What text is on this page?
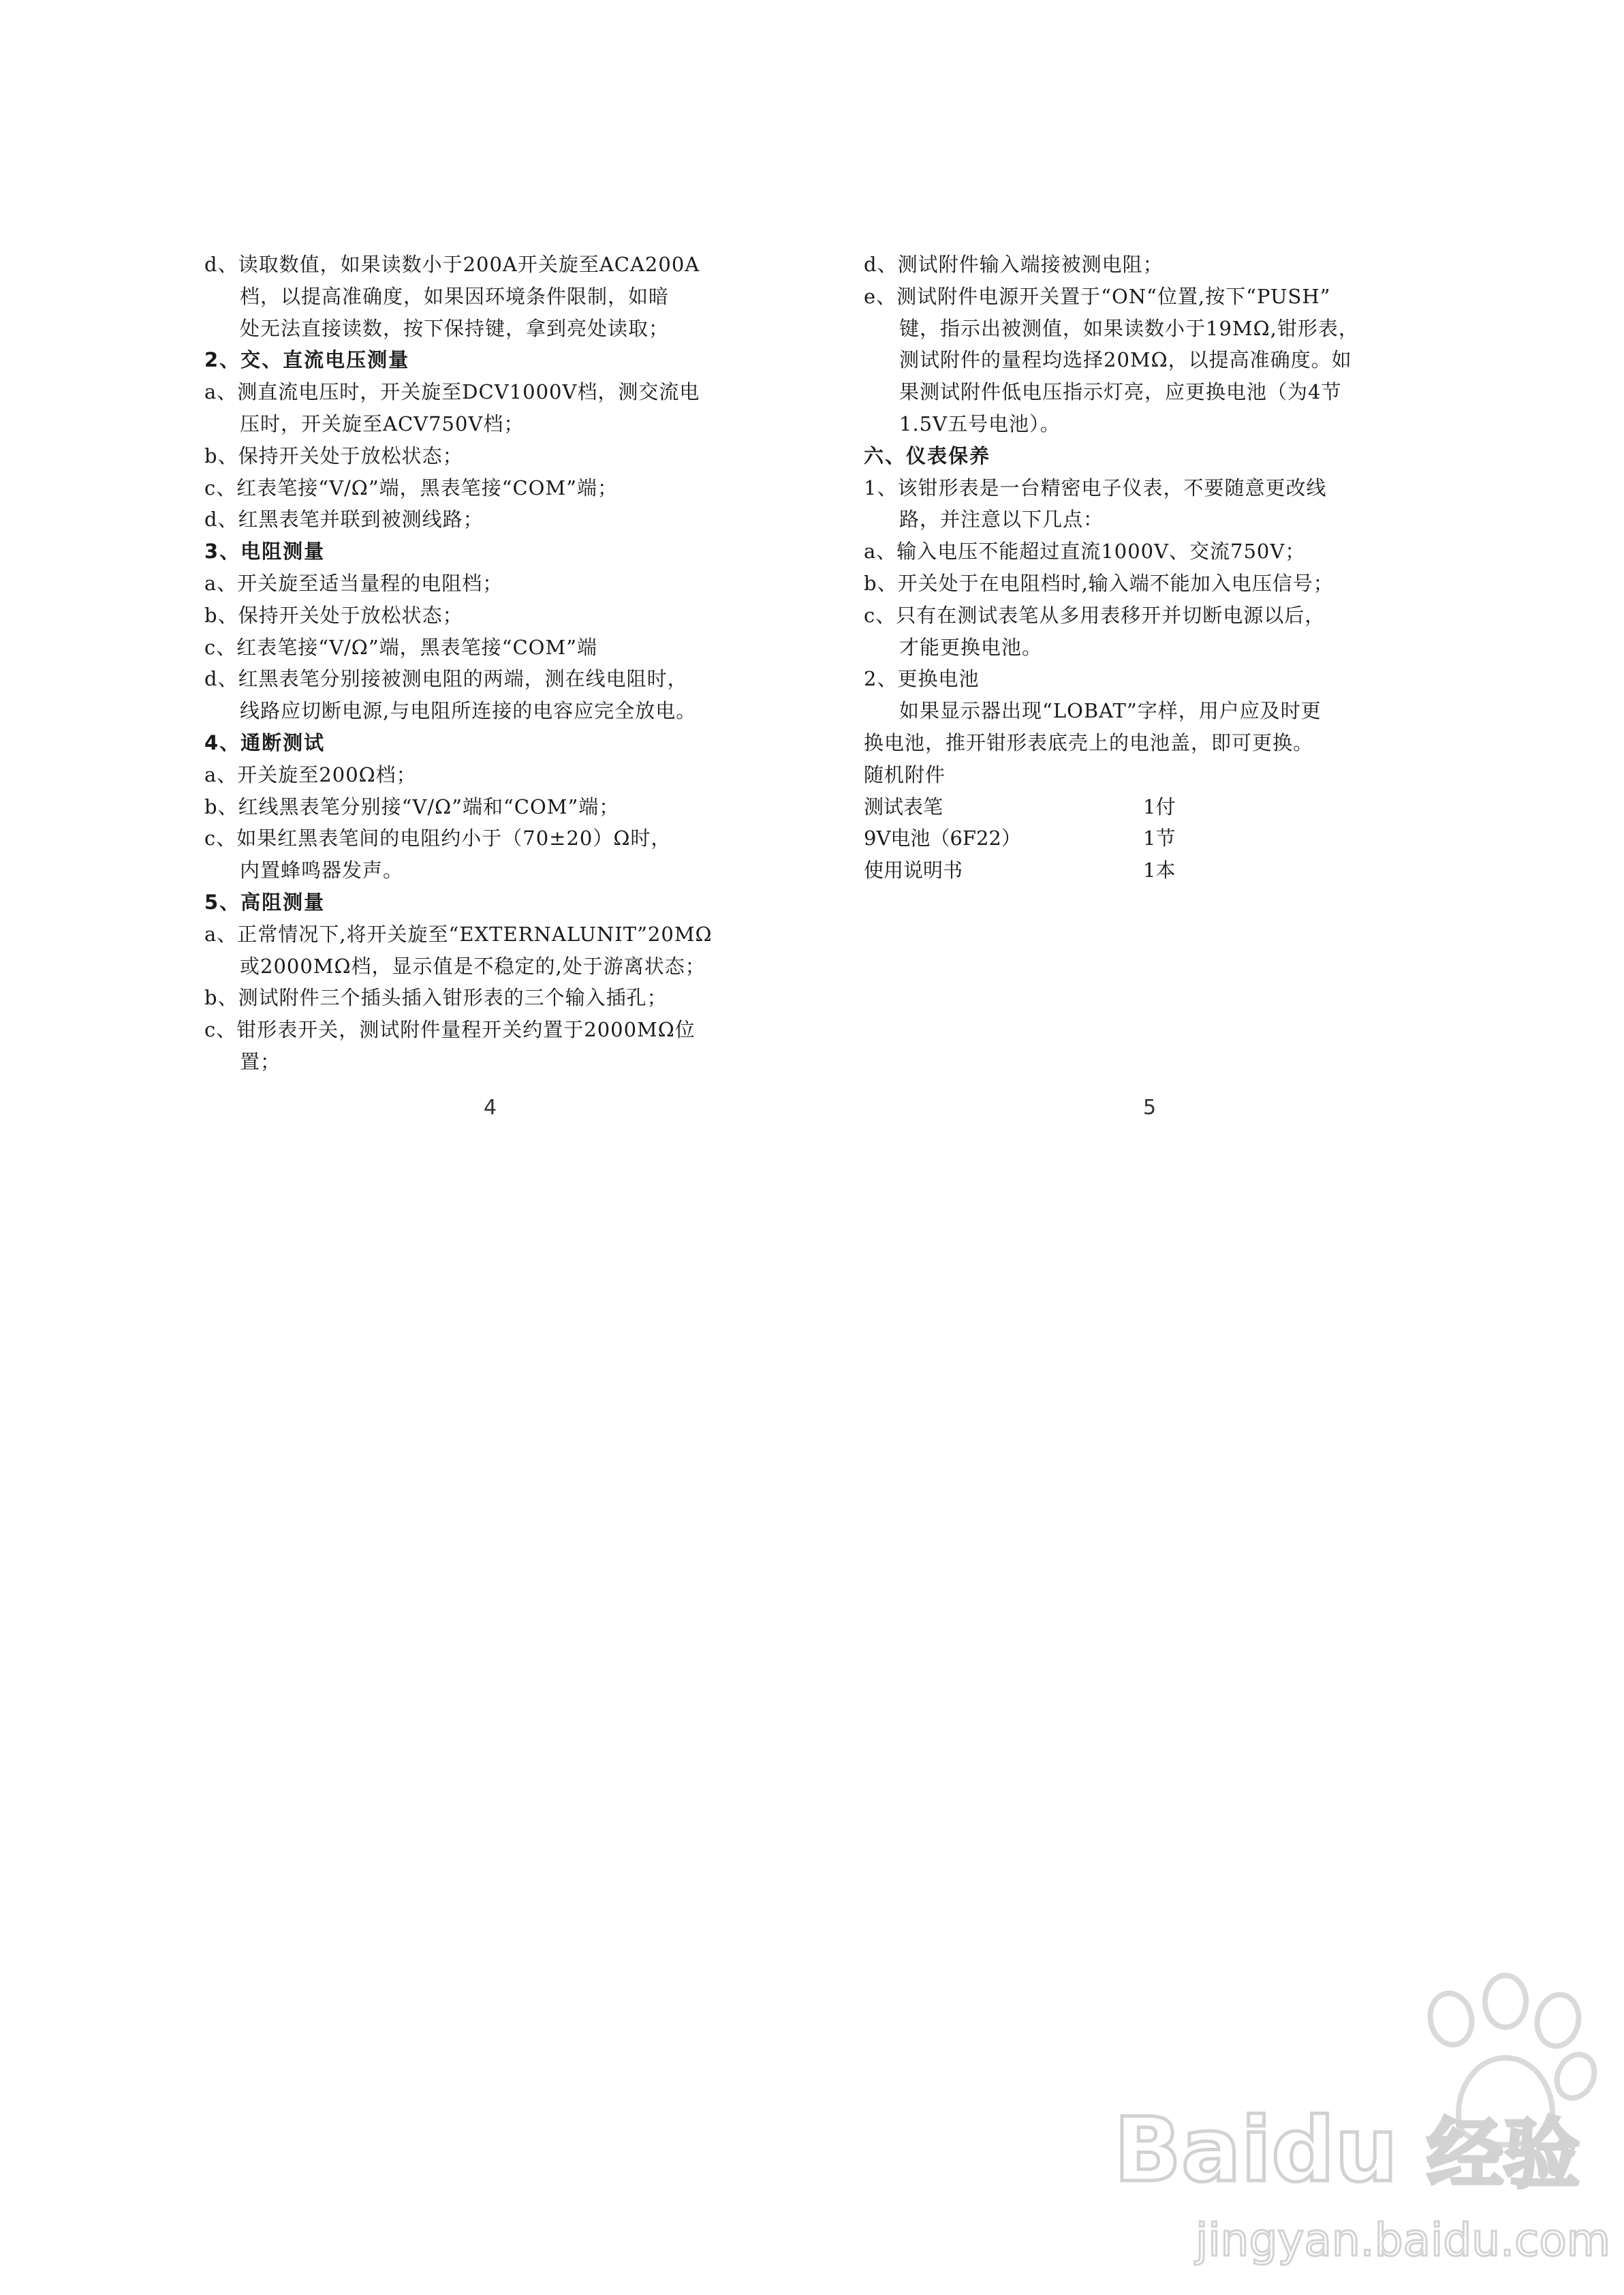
d、读取数值，如果读数小于200A开关旋至ACA200A
档，以提高准确度，如果因环境条件限制，如暗
处无法直接读数，按下保持键，拿到亮处读取；
2、交、直流电压测量
a、测直流电压时，开关旋至DCV1000V档，测交流电
压时，开关旋至ACV750V档；
b、保持开关处于放松状态；
c、红表笔接“V/Ω”端，黑表笔接“COM”端；
d、红黑表笔并联到被测线路；
3、电阻测量
a、开关旋至适当量程的电阻档；
b、保持开关处于放松状态；
c、红表笔接“V/Ω”端，黑表笔接“COM”端
d、红黑表笔分别接被测电阻的两端，测在线电阻时，
线路应切断电源,与电阻所连接的电容应完全放电。
4、通断测试
a、开关旋至200Ω档；
b、红线黑表笔分别接“V/Ω”端和“COM”端；
c、如果红黑表笔间的电阻约小于（70±20）Ω时，
内置蜂鸣器发声。
5、高阻测量
a、正常情况下,将开关旋至“EXTERNALUNIT”20MΩ
或2000MΩ档，显示值是不稳定的,处于游离状态；
b、测试附件三个插头插入钳形表的三个输入插孔；
c、钳形表开关，测试附件量程开关约置于2000MΩ位
置；
d、测试附件输入端接被测电阻；
e、测试附件电源开关置于“ON“位置,按下“PUSH”
键，指示出被测值，如果读数小于19MΩ,钳形表，
测试附件的量程均选择20MΩ，以提高准确度。如
果测试附件低电压指示灯亮，应更换电池（为4节
1.5V五号电池）。
六、仪表保养
1、该钳形表是一台精密电子仪表，不要随意更改线
路，并注意以下几点：
a、输入电压不能超过直流1000V、交流750V；
b、开关处于在电阻档时,输入端不能加入电压信号；
c、只有在测试表笔从多用表移开并切断电源以后，
才能更换电池。
2、更换电池
如果显示器出现“LOBAT”字样，用户应及时更
换电池，推开钳形表底壳上的电池盖，即可更换。
随机附件
测试表笔	1付
9V电池（6F22）	1节
使用说明书	1本
4	5
Baidu 经验
jingyan.baidu.com
